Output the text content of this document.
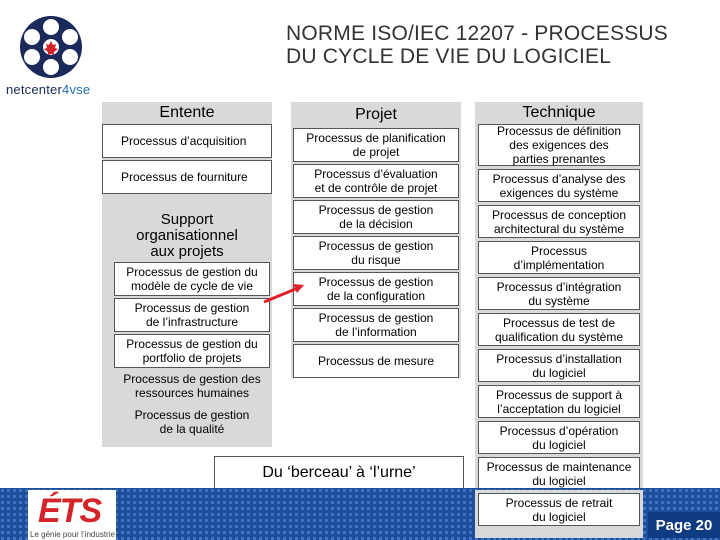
netcenter4vse
NORME ISO/IEC 12207 - PROCESSUS
DU CYCLE DE VIE DU LOGICIEL
Entente
Processus d’acquisition
Processus de fourniture
Support
organisationnel
aux projets
Processus de gestion du
modèle de cycle de vie
Processus de gestion
de l’infrastructure
Processus de gestion du
portfolio de projets
Processus de gestion des
ressources humaines
Processus de gestion
de la qualité
Projet
Processus de planification
de projet
Processus d’évaluation
et de contrôle de projet
Processus de gestion
de la décision
Processus de gestion
du risque
Processus de gestion
de la configuration
Processus de gestion
de l’information
Processus de mesure
Technique
Processus de définition
des exigences des
parties prenantes
Processus d’analyse des
exigences du système
Processus de conception
architectural du système
Processus
d’implémentation
Processus d’intégration
du système
Processus de test de
qualification du système
Processus d’installation
du logiciel
Processus de support à
l’acceptation du logiciel
Processus d’opération
du logiciel
Processus de maintenance
du logiciel
Du ‘berceau’ à ‘l’urne’
Processus de retrait
du logiciel
ÉTS
Le génie pour l’industrie
Page 20
